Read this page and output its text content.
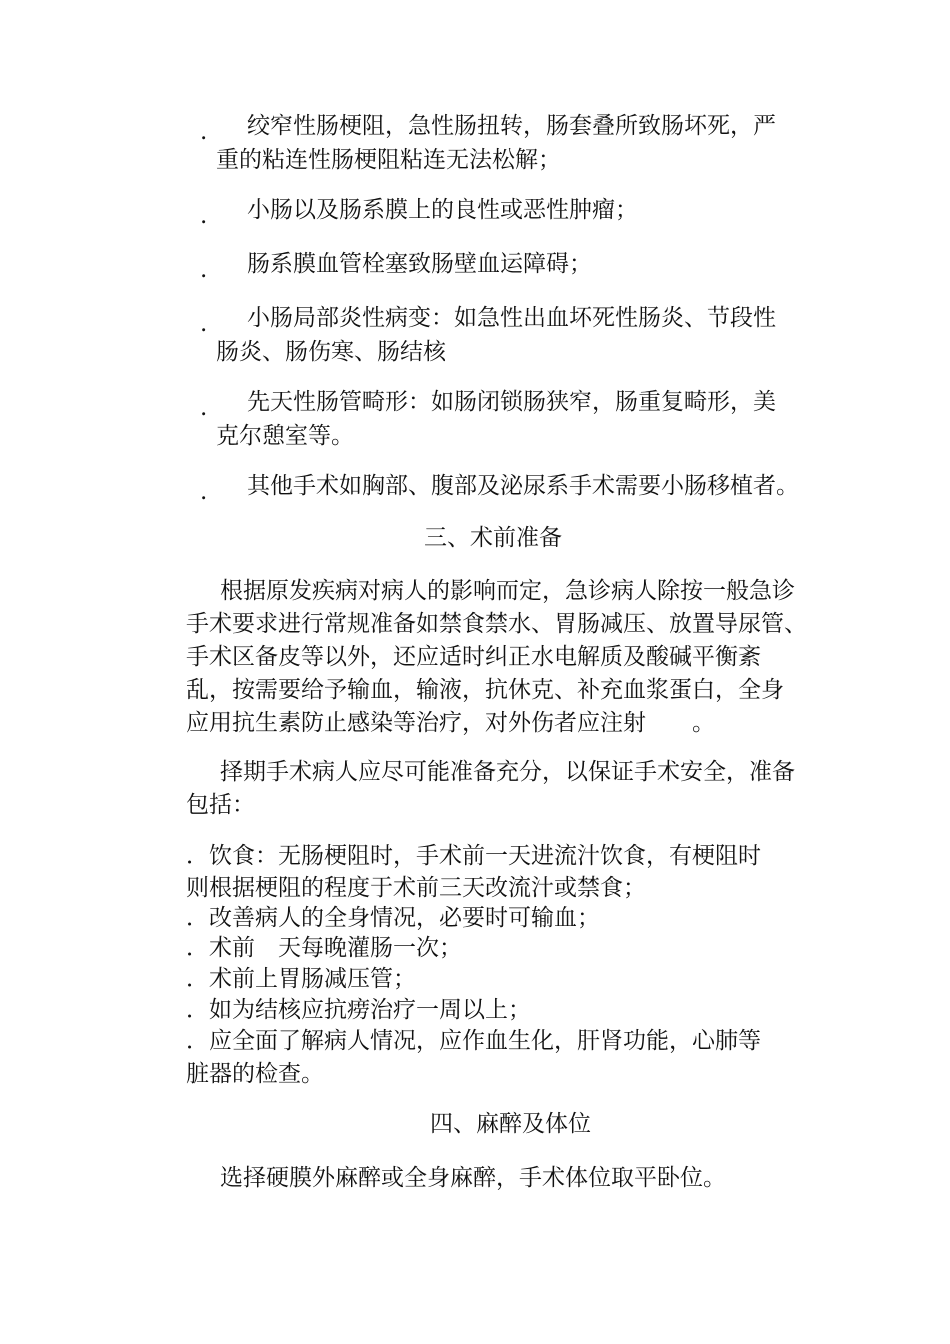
. 绞窄性肠梗阻，急性肠扭转，肠套叠所致肠坏死，严
重的粘连性肠梗阻粘连无法松解；
. 小肠以及肠系膜上的良性或恶性肿瘤；
. 肠系膜血管栓塞致肠壁血运障碍；
. 小肠局部炎性病变：如急性出血坏死性肠炎、节段性
肠炎、肠伤寒、肠结核
. 先天性肠管畸形：如肠闭锁肠狭窄，肠重复畸形，美
克尔憩室等。
. 其他手术如胸部、腹部及泌尿系手术需要小肠移植者。
三、术前准备
根据原发疾病对病人的影响而定，急诊病人除按一般急诊
手术要求进行常规准备如禁食禁水、胃肠减压、放置导尿管、
手术区备皮等以外，还应适时纠正水电解质及酸碱平衡紊
乱，按需要给予输血，输液，抗休克、补充血浆蛋白，全身
应用抗生素防止感染等治疗，对外伤者应注射　　。
择期手术病人应尽可能准备充分，以保证手术安全，准备
包括：
．饮食：无肠梗阻时，手术前一天进流汁饮食，有梗阻时
则根据梗阻的程度于术前三天改流汁或禁食；
．改善病人的全身情况，必要时可输血；
．术前　天每晚灌肠一次；
．术前上胃肠减压管；
．如为结核应抗痨治疗一周以上；
．应全面了解病人情况，应作血生化，肝肾功能，心肺等
脏器的检查。
四、麻醉及体位
选择硬膜外麻醉或全身麻醉，手术体位取平卧位。
